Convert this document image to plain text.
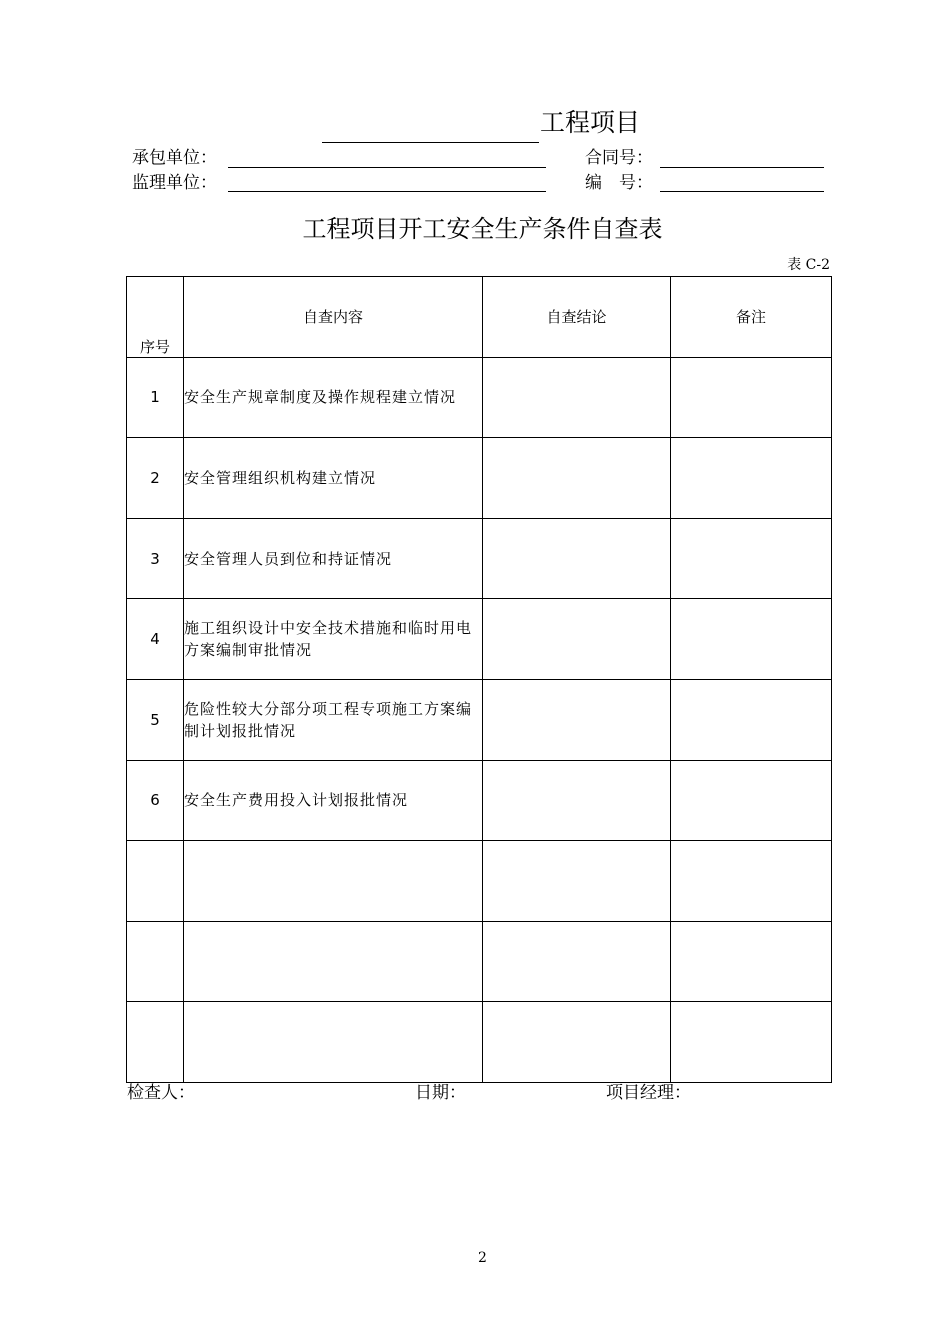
工程项目
承包单位：	合同号：
监理单位：	编　号：
工程项目开工安全生产条件自查表
表 C-2
序号	自查内容	自查结论	备注
1	安全生产规章制度及操作规程建立情况		
2	安全管理组织机构建立情况		
3	安全管理人员到位和持证情况		
4	施工组织设计中安全技术措施和临时用电方案编制审批情况		
5	危险性较大分部分项工程专项施工方案编制计划报批情况		
6	安全生产费用投入计划报批情况		

检查人：	日期：	项目经理：
2
